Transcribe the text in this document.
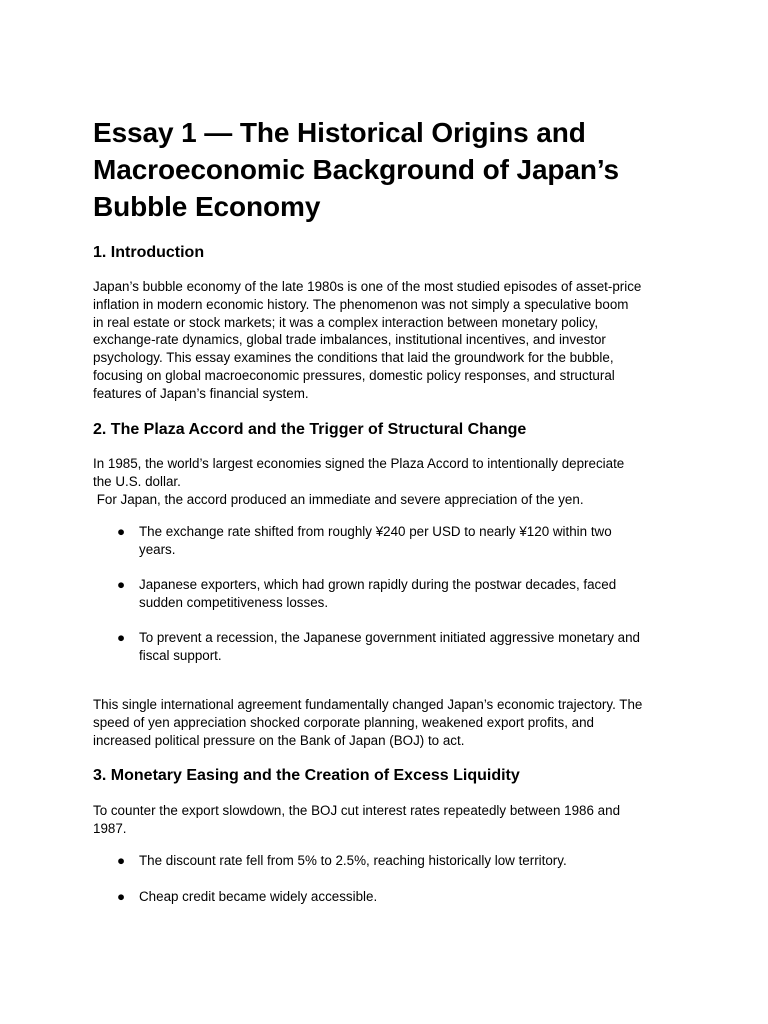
Essay 1 — The Historical Origins and
Macroeconomic Background of Japan’s
Bubble Economy
1. Introduction

Japan’s bubble economy of the late 1980s is one of the most studied episodes of asset-price
inflation in modern economic history. The phenomenon was not simply a speculative boom
in real estate or stock markets; it was a complex interaction between monetary policy,
exchange-rate dynamics, global trade imbalances, institutional incentives, and investor
psychology. This essay examines the conditions that laid the groundwork for the bubble,
focusing on global macroeconomic pressures, domestic policy responses, and structural
features of Japan’s financial system.

2. The Plaza Accord and the Trigger of Structural Change

In 1985, the world’s largest economies signed the Plaza Accord to intentionally depreciate
the U.S. dollar.
For Japan, the accord produced an immediate and severe appreciation of the yen.

● The exchange rate shifted from roughly ¥240 per USD to nearly ¥120 within two
years.
● Japanese exporters, which had grown rapidly during the postwar decades, faced
sudden competitiveness losses.
● To prevent a recession, the Japanese government initiated aggressive monetary and
fiscal support.

This single international agreement fundamentally changed Japan’s economic trajectory. The
speed of yen appreciation shocked corporate planning, weakened export profits, and
increased political pressure on the Bank of Japan (BOJ) to act.

3. Monetary Easing and the Creation of Excess Liquidity

To counter the export slowdown, the BOJ cut interest rates repeatedly between 1986 and
1987.

● The discount rate fell from 5% to 2.5%, reaching historically low territory.
● Cheap credit became widely accessible.
